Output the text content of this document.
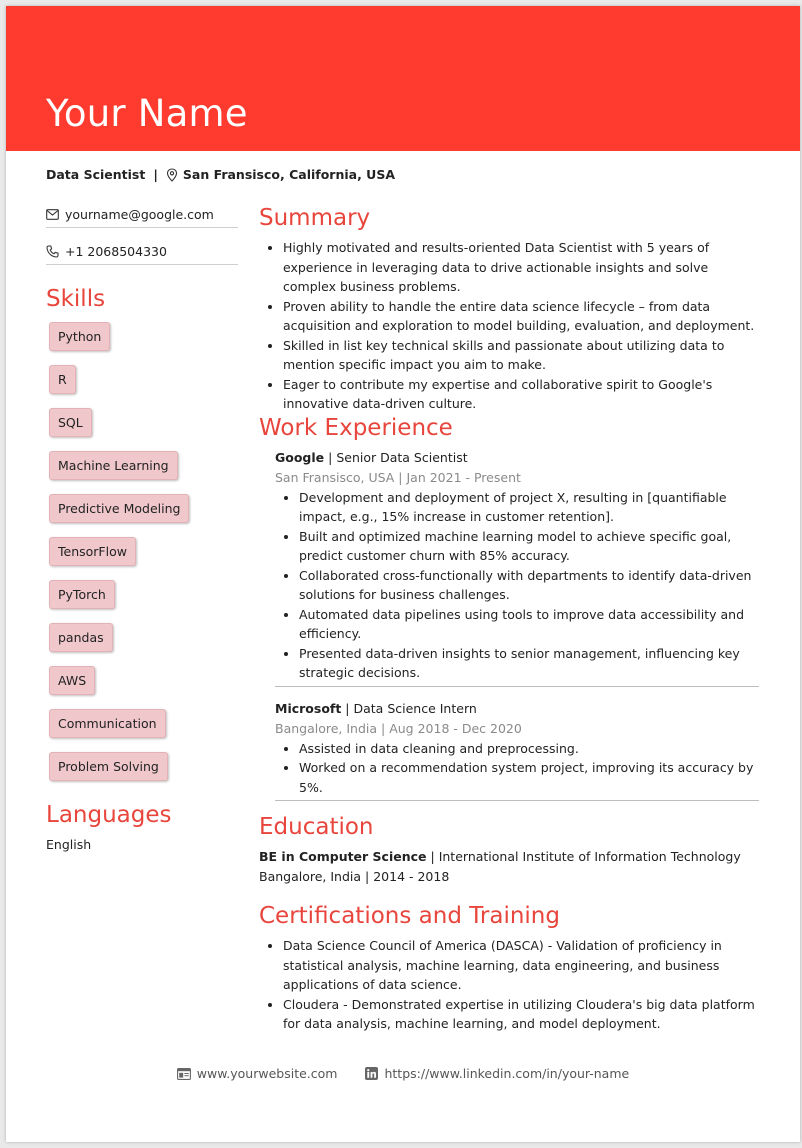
Your Name
Data Scientist | San Fransisco, California, USA
yourname@google.com
+1 2068504330
Skills
Python
R
SQL
Machine Learning
Predictive Modeling
TensorFlow
PyTorch
pandas
AWS
Communication
Problem Solving
Languages
English
Summary
• Highly motivated and results-oriented Data Scientist with 5 years of experience in leveraging data to drive actionable insights and solve complex business problems.
• Proven ability to handle the entire data science lifecycle – from data acquisition and exploration to model building, evaluation, and deployment.
• Skilled in list key technical skills and passionate about utilizing data to mention specific impact you aim to make.
• Eager to contribute my expertise and collaborative spirit to Google's innovative data-driven culture.
Work Experience
Google | Senior Data Scientist
San Fransisco, USA | Jan 2021 - Present
• Development and deployment of project X, resulting in [quantifiable impact, e.g., 15% increase in customer retention].
• Built and optimized machine learning model to achieve specific goal, predict customer churn with 85% accuracy.
• Collaborated cross-functionally with departments to identify data-driven solutions for business challenges.
• Automated data pipelines using tools to improve data accessibility and efficiency.
• Presented data-driven insights to senior management, influencing key strategic decisions.
Microsoft | Data Science Intern
Bangalore, India | Aug 2018 - Dec 2020
• Assisted in data cleaning and preprocessing.
• Worked on a recommendation system project, improving its accuracy by 5%.
Education
BE in Computer Science | International Institute of Information Technology
Bangalore, India | 2014 - 2018
Certifications and Training
• Data Science Council of America (DASCA) - Validation of proficiency in statistical analysis, machine learning, data engineering, and business applications of data science.
• Cloudera - Demonstrated expertise in utilizing Cloudera's big data platform for data analysis, machine learning, and model deployment.
www.yourwebsite.com	https://www.linkedin.com/in/your-name
